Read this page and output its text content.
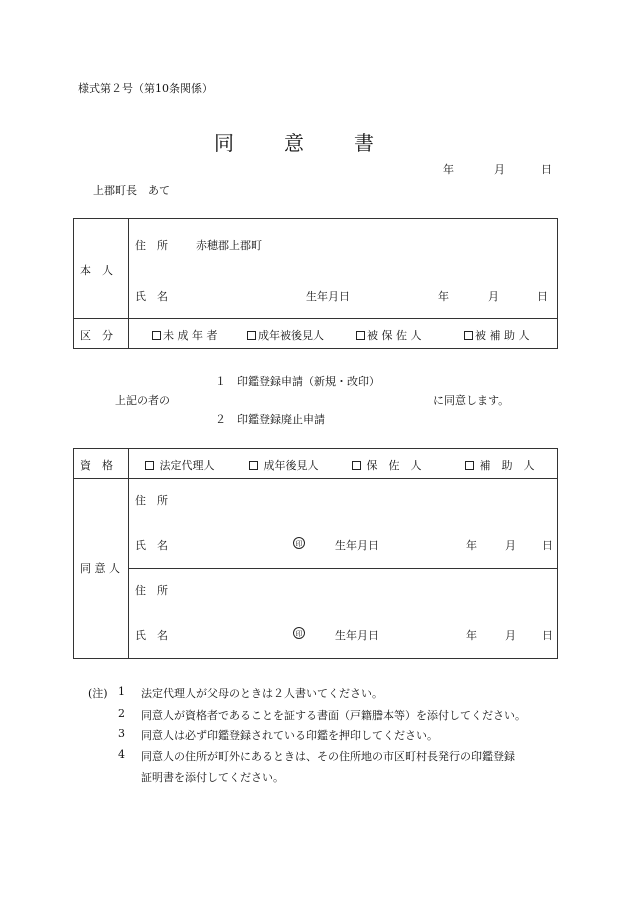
様式第２号（第10条関係）
同意書
年	月	日
上郡町長　あて
本　人
住　所	赤穂郡上郡町
氏　名	生年月日	年	月	日
区　分	未 成 年 者	成年被後見人	被 保 佐 人	被 補 助 人
１　印鑑登録申請（新規・改印）
上記の者の	に同意します。
２　印鑑登録廃止申請
資　格	法定代理人	成年後見人	保　佐　人	補　助　人
同 意 人
住　所
氏　名	印	生年月日	年	月 日
住　所
氏　名	印	生年月日	年	月 日
(注) 1 法定代理人が父母のときは２人書いてください。
2 同意人が資格者であることを証する書面（戸籍謄本等）を添付してください。
3 同意人は必ず印鑑登録されている印鑑を押印してください。
4 同意人の住所が町外にあるときは、その住所地の市区町村長発行の印鑑登録
証明書を添付してください。
